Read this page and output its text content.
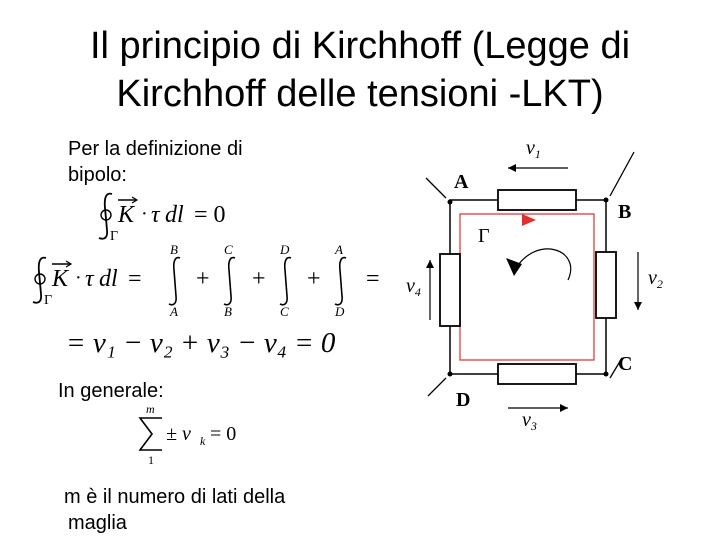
Il principio di Kirchhoff (Legge di
Kirchhoff delle tensioni -LKT)
Per la definizione di
bipolo:
Γ
K · τ dl = 0
Γ
K · τ dl =
B
A
+
C
B
+
D
C
+
A
D
=
= v₁ − v₂ + v₃ − v₄ = 0
In generale:
m
1
± v k = 0
m è il numero di lati della
maglia
A
B
C
D
Γ
$v_1$
$v_2$
$v_3$
$v_4$
